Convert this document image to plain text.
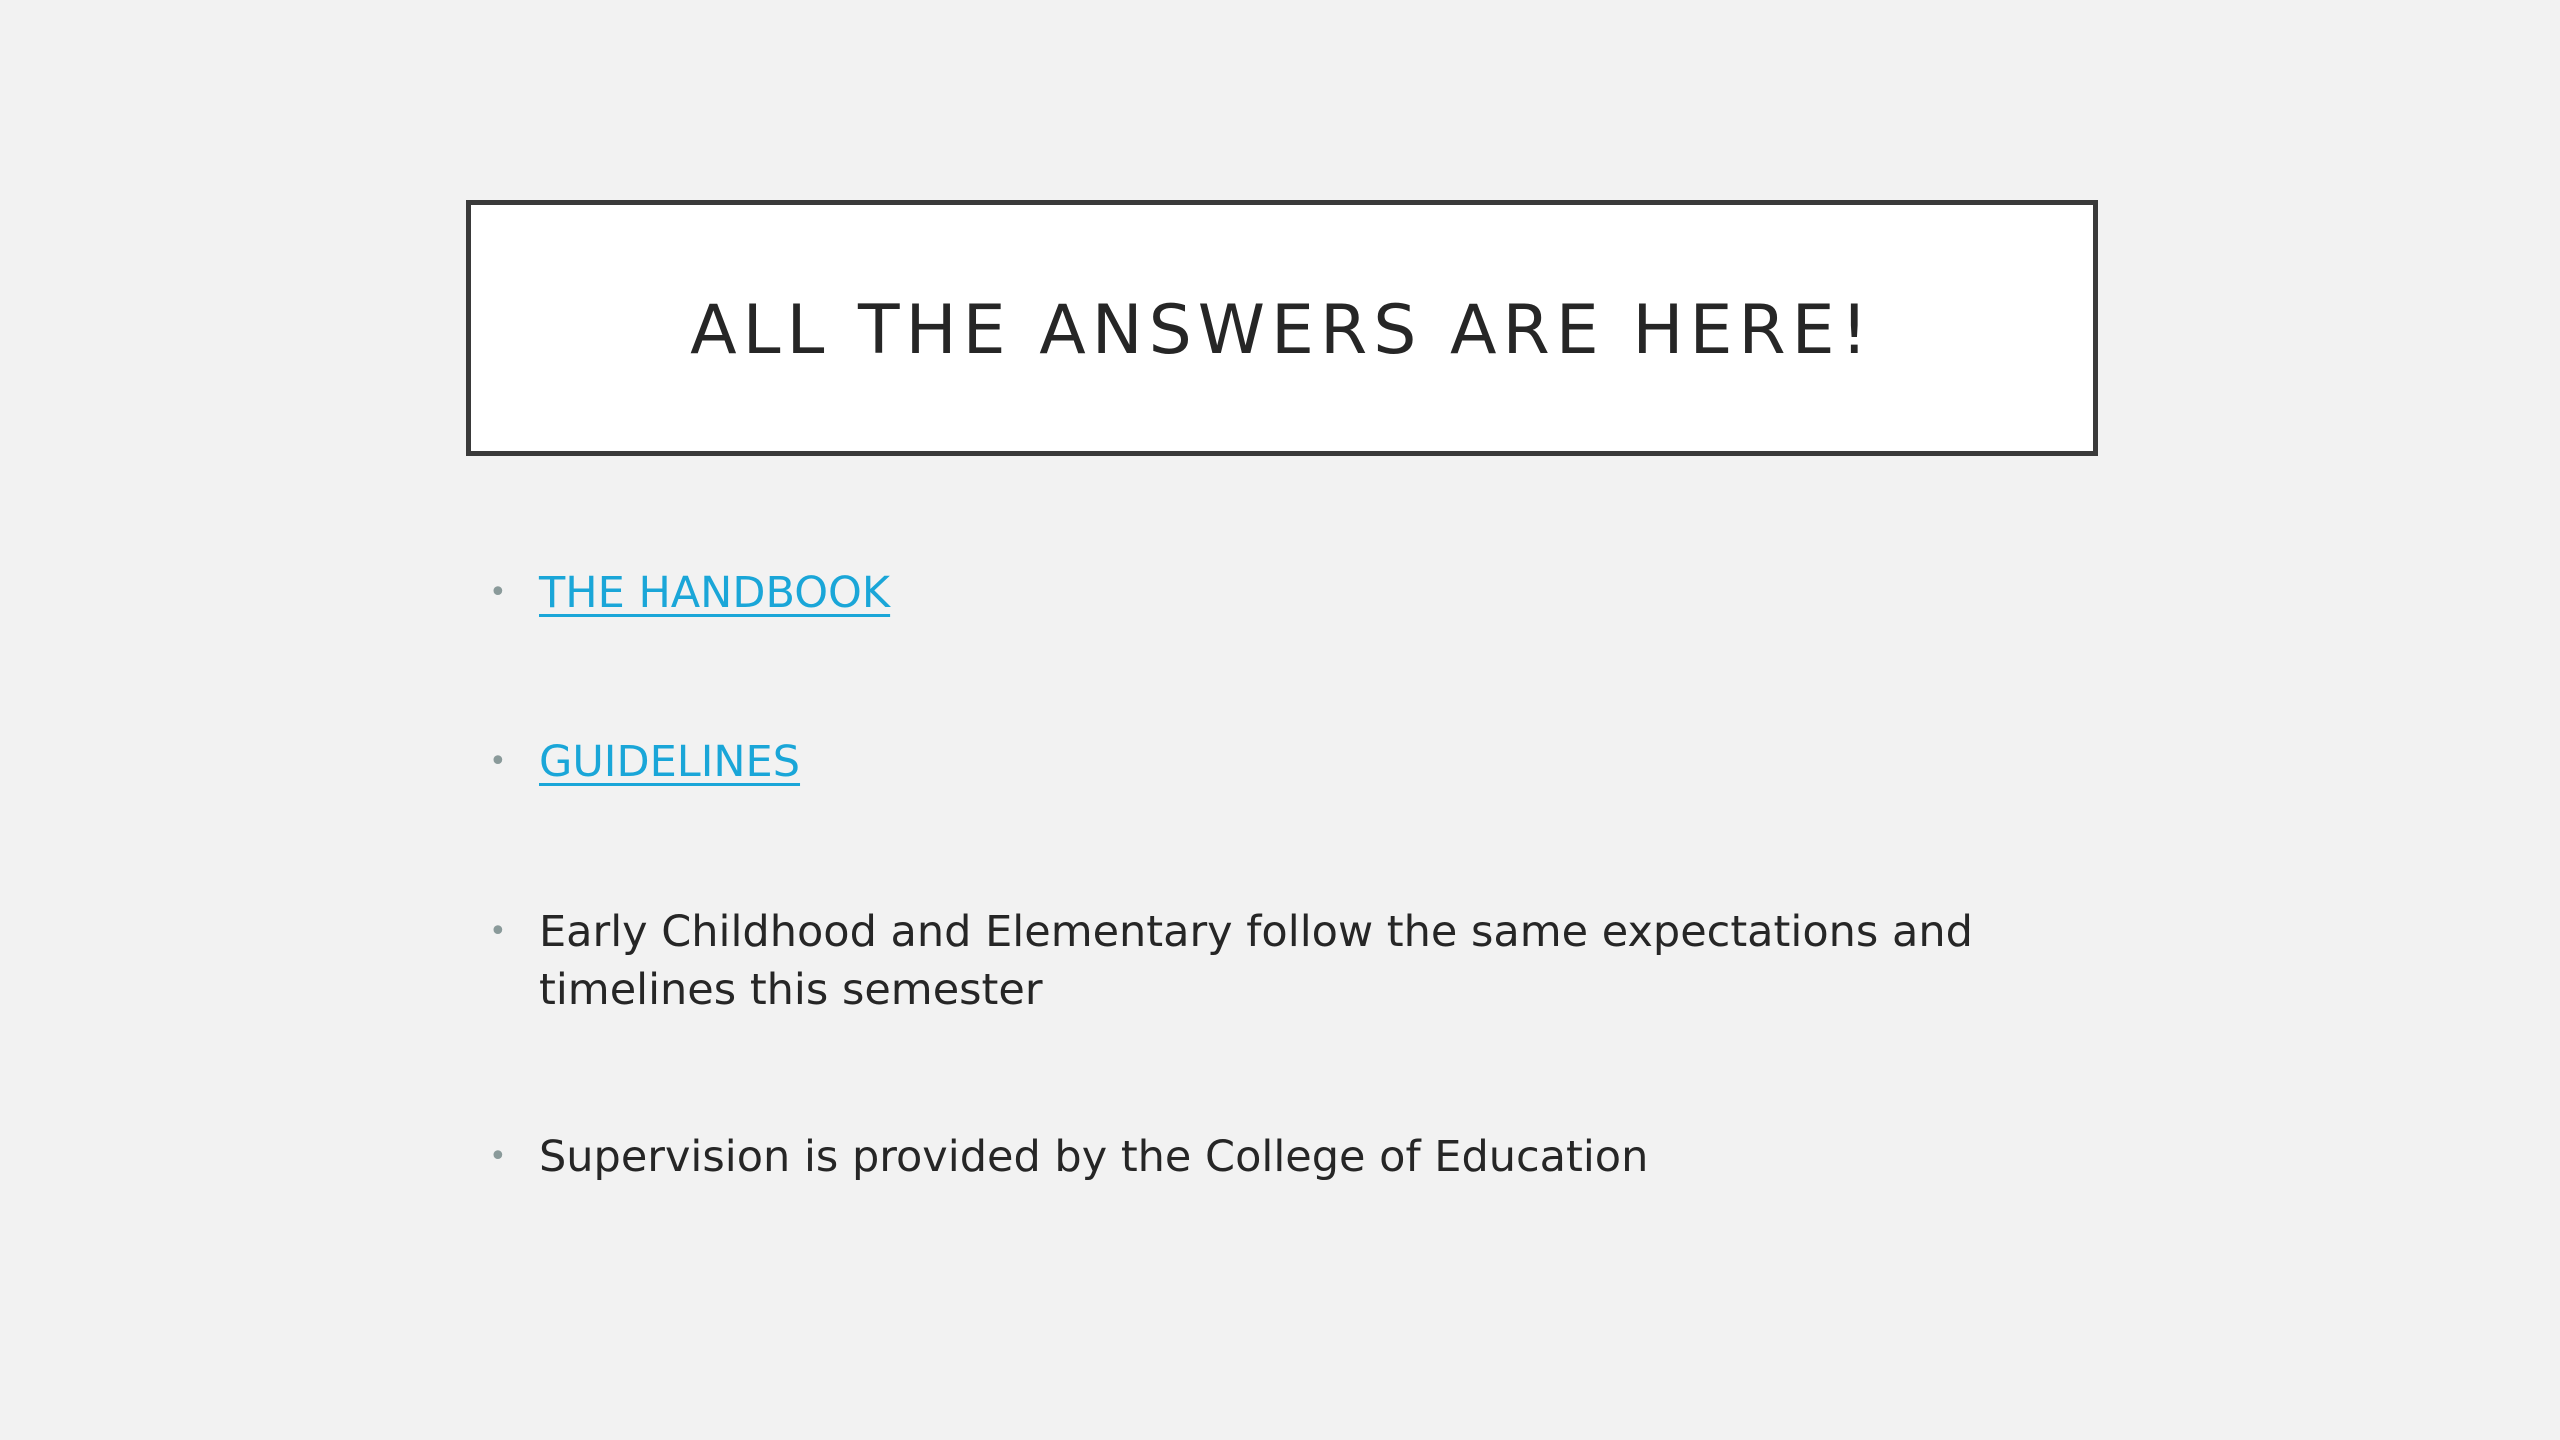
ALL THE ANSWERS ARE HERE!
• THE HANDBOOK
• GUIDELINES
• Early Childhood and Elementary follow the same expectations and timelines this semester
• Supervision is provided by the College of Education
